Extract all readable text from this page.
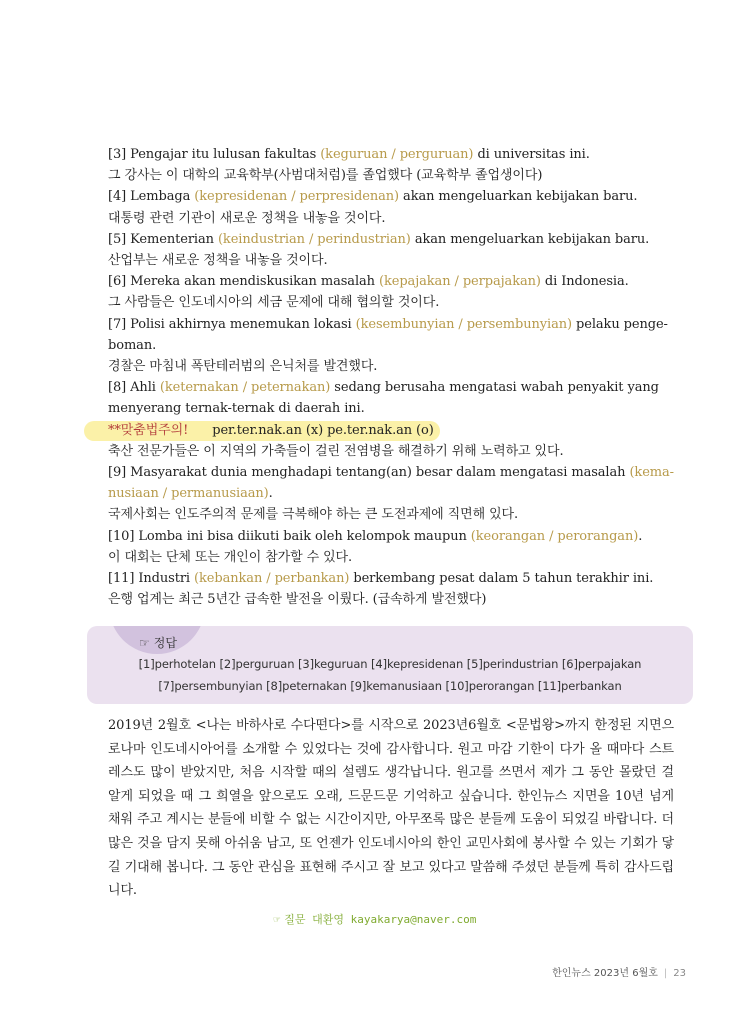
[3] Pengajar itu lulusan fakultas (keguruan / perguruan) di universitas ini.
그 강사는 이 대학의 교육학부(사범대처럼)를 졸업했다 (교육학부 졸업생이다)
[4] Lembaga (kepresidenan / perpresidenan) akan mengeluarkan kebijakan baru.
대통령 관련 기관이 새로운 정책을 내놓을 것이다.
[5] Kementerian (keindustrian / perindustrian) akan mengeluarkan kebijakan baru.
산업부는 새로운 정책을 내놓을 것이다.
[6] Mereka akan mendiskusikan masalah (kepajakan / perpajakan) di Indonesia.
그 사람들은 인도네시아의 세금 문제에 대해 협의할 것이다.
[7] Polisi akhirnya menemukan lokasi (kesembunyian / persembunyian) pelaku penge-
boman.
경찰은 마침내 폭탄테러범의 은닉처를 발견했다.
[8] Ahli (keternakan / peternakan) sedang berusaha mengatasi wabah penyakit yang
menyerang ternak-ternak di daerah ini.
**맞춤법주의! per.ter.nak.an (x) pe.ter.nak.an (o)
축산 전문가들은 이 지역의 가축들이 걸린 전염병을 해결하기 위해 노력하고 있다.
[9] Masyarakat dunia menghadapi tentang(an) besar dalam mengatasi masalah (kema-
nusiaan / permanusiaan).
국제사회는 인도주의적 문제를 극복해야 하는 큰 도전과제에 직면해 있다.
[10] Lomba ini bisa diikuti baik oleh kelompok maupun (keorangan / perorangan).
이 대회는 단체 또는 개인이 참가할 수 있다.
[11] Industri (kebankan / perbankan) berkembang pesat dalam 5 tahun terakhir ini.
은행 업계는 최근 5년간 급속한 발전을 이뤘다. (급속하게 발전했다)
☞ 정답
[1]perhotelan [2]perguruan [3]keguruan [4]kepresidenan [5]perindustrian [6]perpajakan
[7]persembunyian [8]peternakan [9]kemanusiaan [10]perorangan [11]perbankan
2019년 2월호 <나는 바하사로 수다떤다>를 시작으로 2023년6월호 <문법왕>까지 한정된 지면으로나마 인도네시아어를 소개할 수 있었다는 것에 감사합니다. 원고 마감 기한이 다가 올 때마다 스트레스도 많이 받았지만, 처음 시작할 때의 설렘도 생각납니다. 원고를 쓰면서 제가 그 동안 몰랐던 걸 알게 되었을 때 그 희열을 앞으로도 오래, 드문드문 기억하고 싶습니다. 한인뉴스 지면을 10년 넘게 채워 주고 계시는 분들에 비할 수 없는 시간이지만, 아무쪼록 많은 분들께 도움이 되었길 바랍니다. 더 많은 것을 담지 못해 아쉬움 남고, 또 언젠가 인도네시아의 한인 교민사회에 봉사할 수 있는 기회가 닿길 기대해 봅니다. 그 동안 관심을 표현해 주시고 잘 보고 있다고 말씀해 주셨던 분들께 특히 감사드립니다.
☞ 질문 대환영 kayakarya@naver.com
한인뉴스 2023년 6월호 | 23
